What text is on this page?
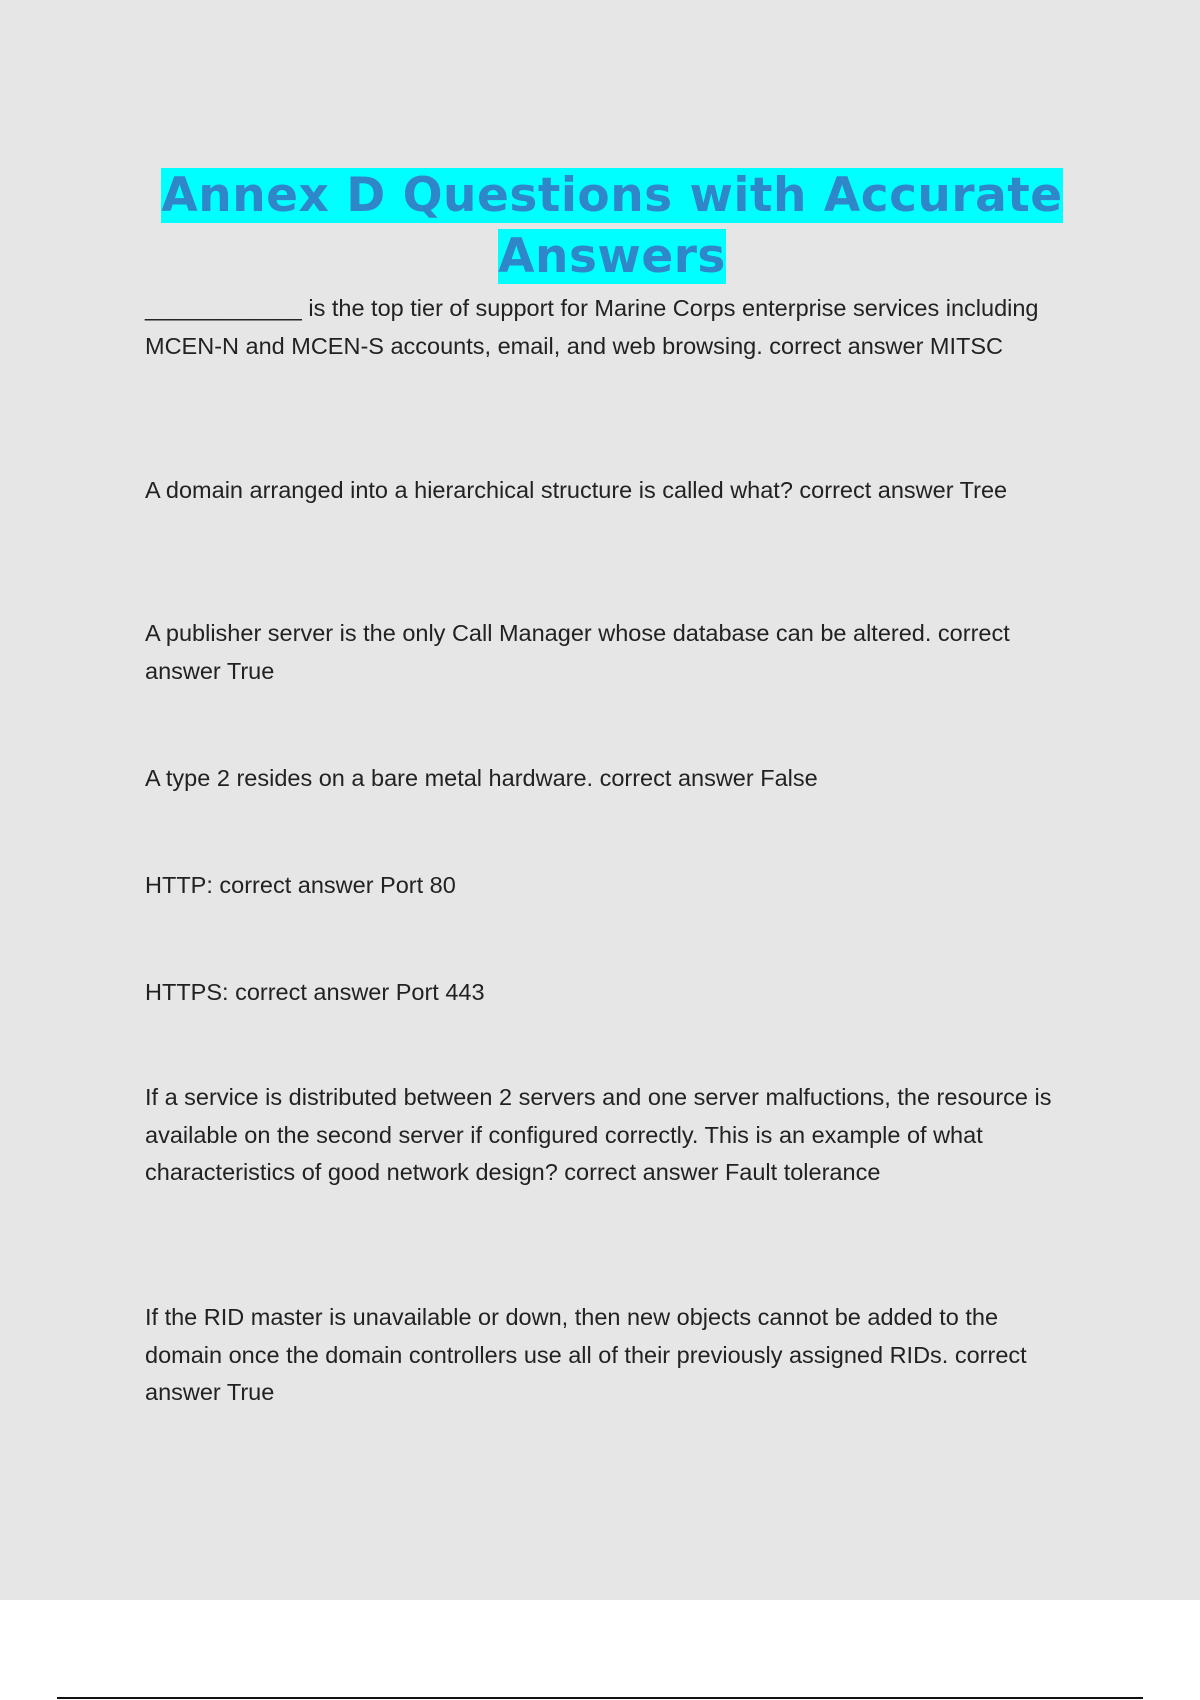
Annex D Questions with Accurate Answers

____________ is the top tier of support for Marine Corps enterprise services including MCEN-N and MCEN-S accounts, email, and web browsing. correct answer MITSC

A domain arranged into a hierarchical structure is called what? correct answer Tree

A publisher server is the only Call Manager whose database can be altered. correct answer True

A type 2 resides on a bare metal hardware. correct answer False

HTTP: correct answer Port 80

HTTPS: correct answer Port 443

If a service is distributed between 2 servers and one server malfuctions, the resource is available on the second server if configured correctly. This is an example of what characteristics of good network design? correct answer Fault tolerance

If the RID master is unavailable or down, then new objects cannot be added to the domain once the domain controllers use all of their previously assigned RIDs. correct answer True
